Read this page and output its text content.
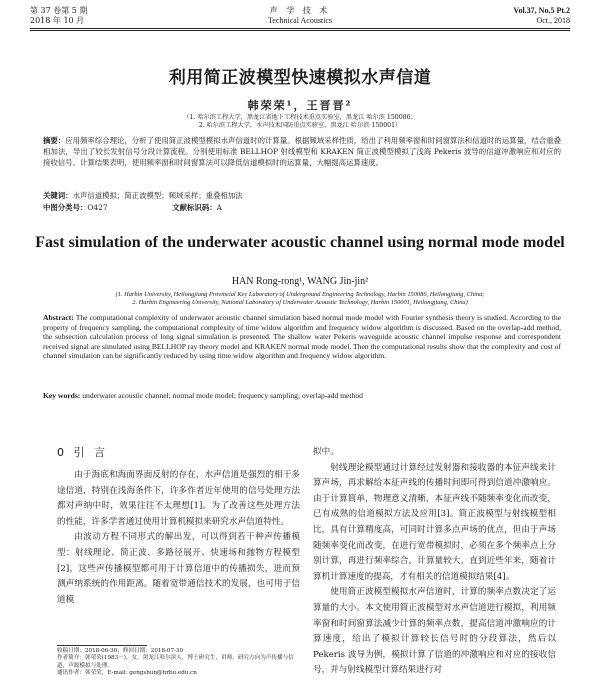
第 37 卷第 5 期
2018 年 10 月
声 学 技 术
Technical Acoustics
Vol.37, No.5 Pt.2
Oct., 2018
利用简正波模型快速模拟水声信道
韩荣荣¹，王晋晋²
（1. 哈尔滨工程大学，黑龙江省地下工程技术重点实验室，黑龙江 哈尔滨 150086；
2. 哈尔滨工程大学，水声技术国防重点实验室，黑龙江 哈尔滨 150001）
摘要：应用频率综合理论，分析了使用简正波模型模拟水声信道时的计算量。根据频域采样性质，给出了利用频率窗和时间窗算法和信道时的运算量，结合重叠相加法，导出了较长发射信号分段计算流程。分别使用标准 BELLHOP 射线模型和 KRAKEN 简正波模型模拟了浅海 Pekeris 波导的信道冲激响应和对应的接收信号。计算结果表明，使用频率窗和时间窗算法可以降低信道模拟时的运算量，大幅提高运算速度。
关键词：水声信道模拟；简正波模型；频域采样；重叠相加法
中图分类号：O427	文献标识码：A
Fast simulation of the underwater acoustic channel using normal mode model
HAN Rong-rong¹, WANG Jin-jin²
(1. Harbin University, Heilongjiang Provincial Key Laboratory of Underground Engineering Technology, Harbin 150086, Heilongjiang, China;
2. Harbin Engineering University, National Laboratory of Underwater Acoustic Technology, Harbin 150001, Heilongjiang, China)
Abstract: The computational complexity of underwater acoustic channel simulation based normal mode model with Fourier synthesis theory is studied. According to the property of frequency sampling, the computational complexity of time widow algorithm and frequency widow algorithm is discussed. Based on the overlap-add method, the subsection calculation process of long signal simulation is presented. The shallow water Pekeris waveguide acoustic channel impulse response and correspondent received signal are simulated using BELLHOP ray theory model and KRAKEN normal mode model. Then the computational results show that the complexity and cost of channel simulation can be significantly reduced by using time widow algorithm and frequency widow algorithm.
Key words: underwater acoustic channel; normal mode model; frequency sampling; overlap-add method
0 引 言

由于海底和海面界面反射的存在，水声信道是强烈的相干多途信道，特别在浅海条件下，许多作者近年使用的信号处理方法都对声纳中时，效果往往不太理想[1]。为了改善这些处理方法的性能，许多学者通过使用计算机模拟来研究水声信道特性。

由波动方程不同形式的解出发，可以得到若干种声传播模型：射线理论、简正波、多路径展开、快速场和抛物方程模型[2]，这些声传播模型都可用于计算信道中的传播损失，进而预测声纳系统的作用距离。随着宽带通信技术的发展，也可用于信道模

拟中。

射线理论模型通过计算经过发射器和接收器的本征声线来计算声场，再求解给本征声线的传播时间即可得到信道冲激响应。由于计算简单，物理意义清晰，本征声线不随频率变化而改变，已有成熟的信道模拟方法及应用[3]。简正波模型与射线模型相比，具有计算精度高，可同时计算多点声场的优点，但由于声场随频率变化而改变，在进行宽带模拟时，必须在多个频率点上分别计算，再进行频率综合，计算量较大，直到近些年来，随着计算机计算速度的提高，才有相关的信道模拟结果[4]。

使用简正波模型模拟水声信道时，计算的频率点数决定了运算量的大小。本文使用简正波模型对水声信道进行模拟，利用频率窗和时间窗算法减少计算的频率点数，提高信道冲激响应的计算速度，给出了模拟计算较长信号时的分段算法，然后以 Pekeris 波导为例，模拟计算了信道的冲激响应和对应的接收信号，并与射线模型计算结果进行对

收稿日期：2018-06-30；修回日期：2018-07-30
作者简介：韩荣荣(1983－)，女，黑龙江哈尔滨人，博士研究生，讲师，研究方向为声传播与信道，声源模拟与处理。
通讯作者：韩荣荣，E-mail: gengshun@hrbu.edu.cn
